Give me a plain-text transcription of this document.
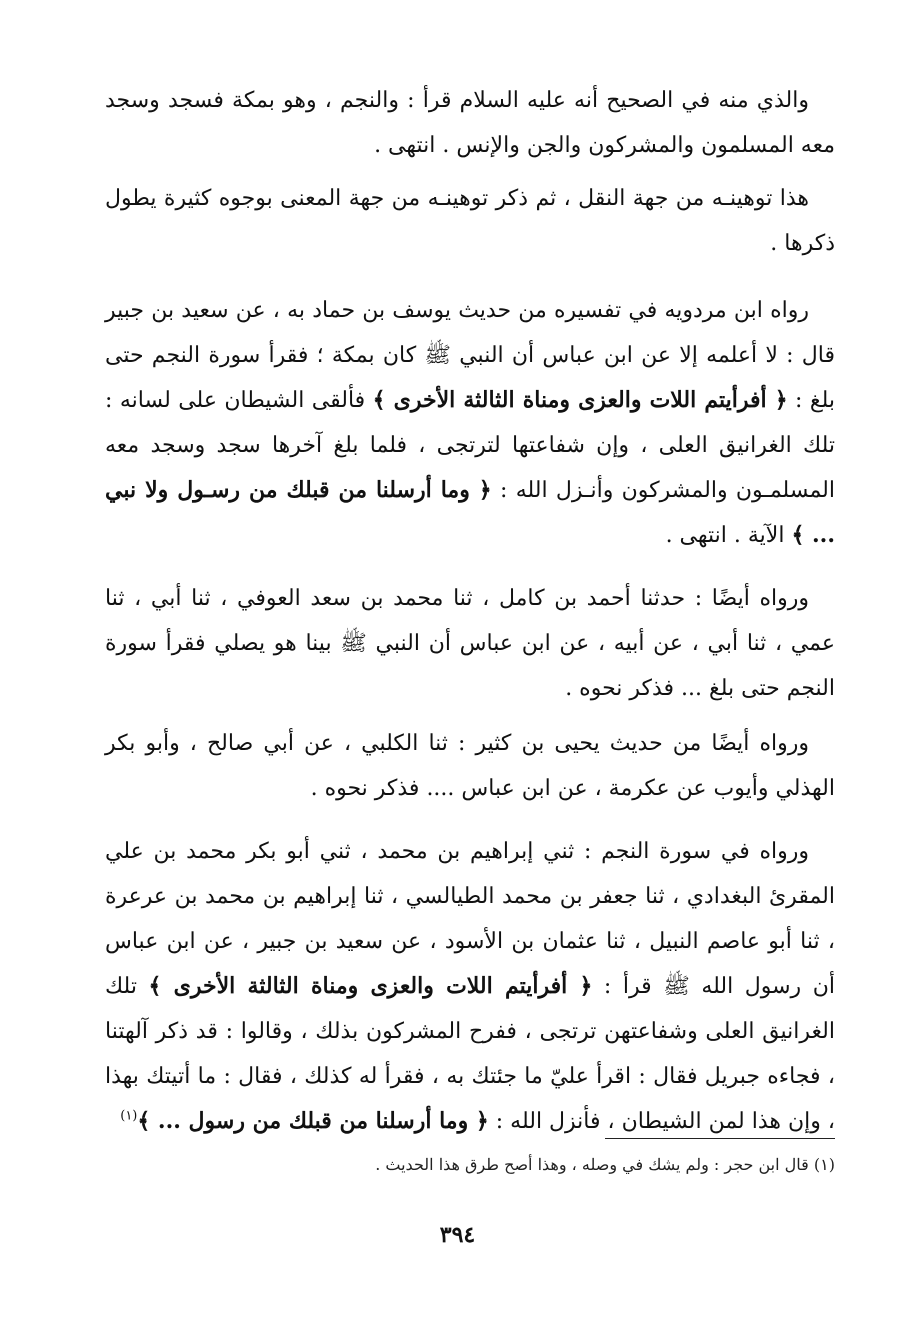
والذي منه في الصحيح أنه عليه السلام قرأ : والنجم ، وهو بمكة فسجد وسجد معه المسلمون والمشركون والجن والإنس . انتهى .

هذا توهينـه من جهة النقل ، ثم ذكر توهينـه من جهة المعنى بوجوه كثيرة يطول ذكرها .

رواه ابن مردويه في تفسيره من حديث يوسف بن حماد به ، عن سعيد بن جبير قال : لا أعلمه إلا عن ابن عباس أن النبي ﷺ كان بمكة ؛ فقرأ سورة النجم حتى بلغ : ﴿ أفرأيتم اللات والعزى ومناة الثالثة الأخرى ﴾ فألقى الشيطان على لسانه : تلك الغرانيق العلى ، وإن شفاعتها لترتجى ، فلما بلغ آخرها سجد وسجد معه المسلمـون والمشركون وأنـزل الله : ﴿ وما أرسلنا من قبلك من رسـول ولا نبي ... ﴾ الآية . انتهى .

ورواه أيضًا : حدثنا أحمد بن كامل ، ثنا محمد بن سعد العوفي ، ثنا أبي ، ثنا عمي ، ثنا أبي ، عن أبيه ، عن ابن عباس أن النبي ﷺ بينا هو يصلي فقرأ سورة النجم حتى بلغ ... فذكر نحوه .

ورواه أيضًا من حديث يحيى بن كثير : ثنا الكلبي ، عن أبي صالح ، وأبو بكر الهذلي وأيوب عن عكرمة ، عن ابن عباس .... فذكر نحوه .

ورواه في سورة النجم : ثني إبراهيم بن محمد ، ثني أبو بكر محمد بن علي المقرئ البغدادي ، ثنا جعفر بن محمد الطيالسي ، ثنا إبراهيم بن محمد بن عرعرة ، ثنا أبو عاصم النبيل ، ثنا عثمان بن الأسود ، عن سعيد بن جبير ، عن ابن عباس أن رسول الله ﷺ قرأ : ﴿ أفرأيتم اللات والعزى ومناة الثالثة الأخرى ﴾ تلك الغرانيق العلى وشفاعتهن ترتجى ، ففرح المشركون بذلك ، وقالوا : قد ذكر آلهتنا ، فجاءه جبريل فقال : اقرأ عليّ ما جئتك به ، فقرأ له كذلك ، فقال : ما أتيتك بهذا ، وإن هذا لمن الشيطان ، فأنزل الله : ﴿ وما أرسلنا من قبلك من رسول ... ﴾$^{(١)}$

(١) قال ابن حجر : ولم يشك في وصله ، وهذا أصح طرق هذا الحديث .
٣٩٤
